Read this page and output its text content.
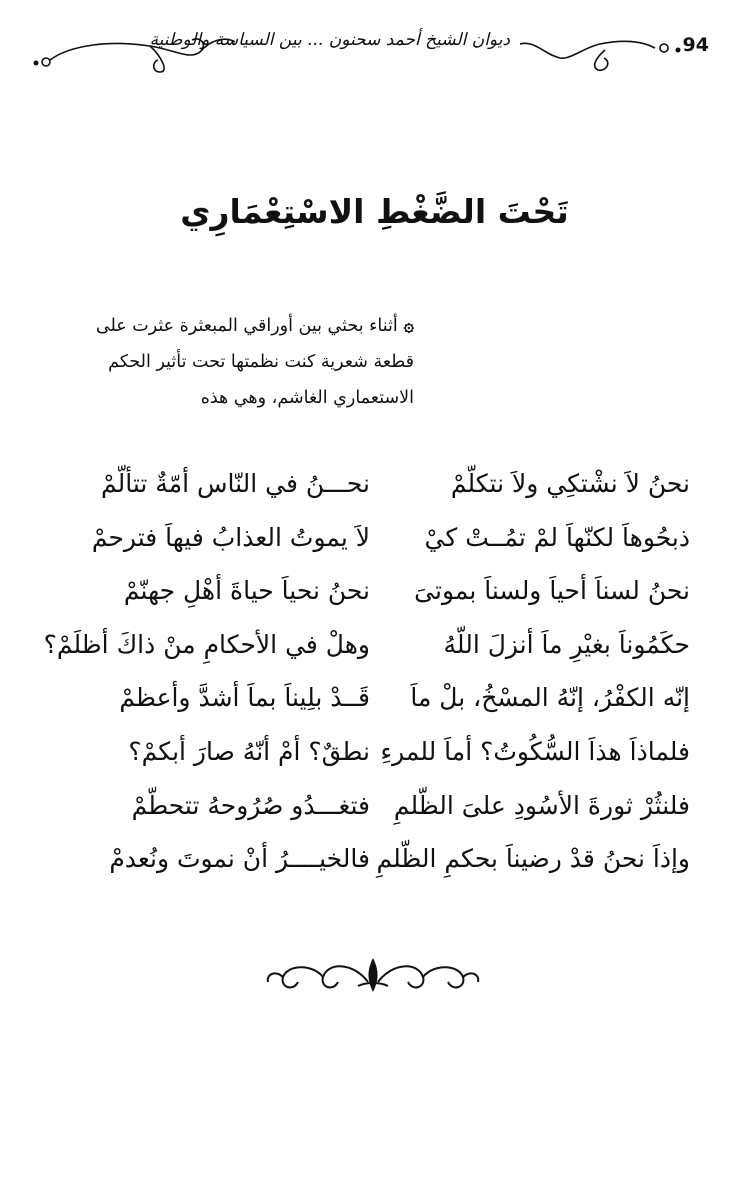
94
ديوان الشيخ أحمد سحنون ... بين السياسة والوطنية
تَحْتَ الضَّغْطِ الاسْتِعْمَارِي
۞أثناء بحثي بين أوراقي المبعثرة عثرت على
قطعة شعرية كنت نظمتها تحت تأثير الحكم
الاستعماري الغاشم، وهي هذه
نحنُ لاَ نشْتكِي ولاَ نتكلّمْ
نحـــنُ في النّاس أمّةٌ تتألّمْ
ذبحُوهاَ لكنّهاَ لمْ تمُــتْ كيْ
لاَ يموتُ العذابُ فيهاَ فترحمْ
نحنُ لسناَ أحياَ ولسناَ بموتىَ
نحنُ نحياَ حياةَ أهْلِ جهنّمْ
حكَمُوناَ بغيْرِ ماَ أنزلَ اللّهُ
وهلْ في الأحكامِ منْ ذاكَ أظلَمْ؟
إنّه الكفْرُ، إنّهُ المسْخُ، بلْ ماَ
قَــدْ بلِيناَ بماَ أشدَّ وأعظمْ
فلماذاَ هذاَ السُّكُوتُ؟ أماَ للمرءِ
نطقٌ؟ أمْ أنّهُ صارَ أبكمْ؟
فلنثُرْ ثورةَ الأسُودِ علىَ الظّلمِ
فتغـــدُو صُرُوحهُ تتحطّمْ
وإذاَ نحنُ قدْ رضيناَ بحكمِ الظّلمِ
فالخيــــرُ أنْ نموتَ ونُعدمْ
